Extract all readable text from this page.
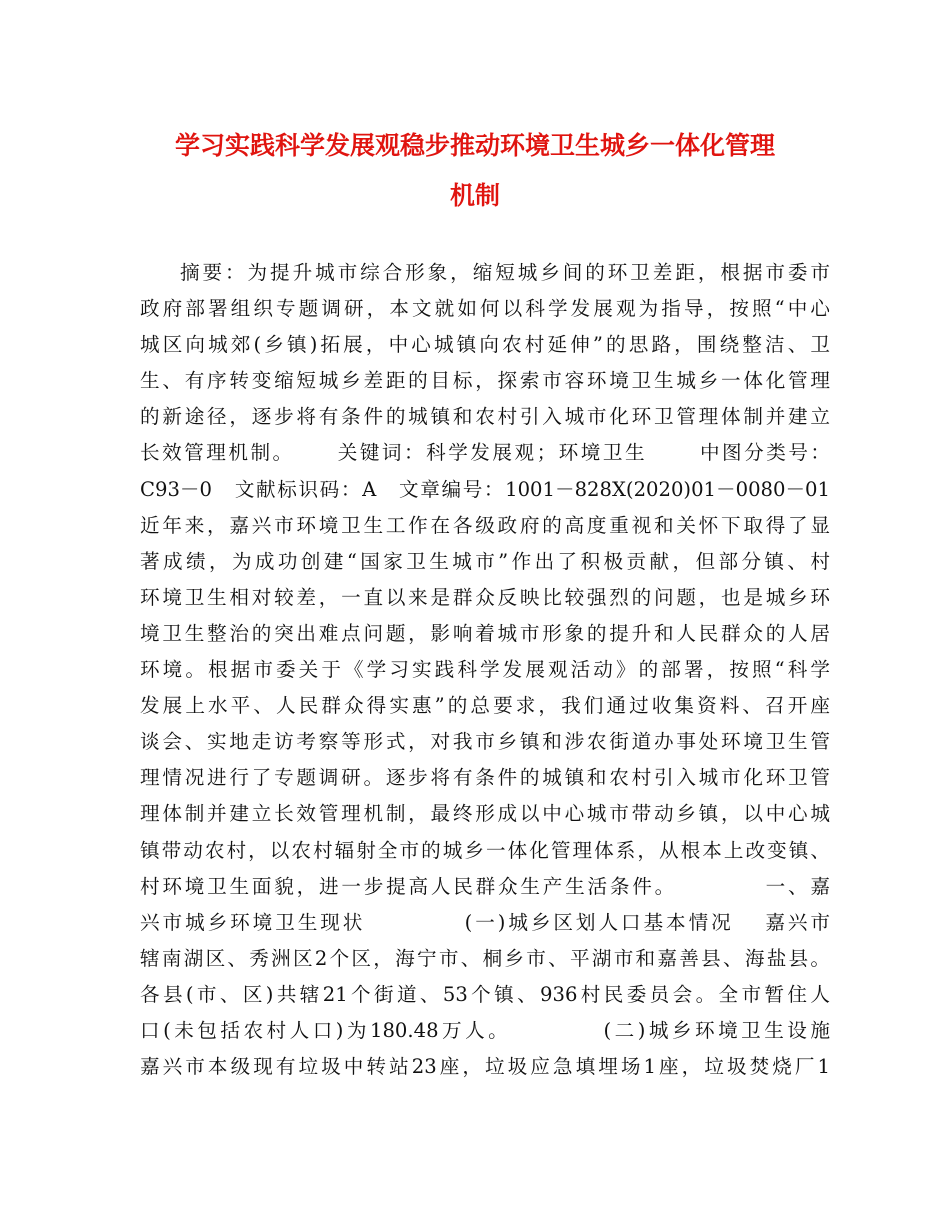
学习实践科学发展观稳步推动环境卫生城乡一体化管理
机制
摘要：为提升城市综合形象，缩短城乡间的环卫差距，根据市委市
政府部署组织专题调研，本文就如何以科学发展观为指导，按照“中心
城区向城郊(乡镇)拓展，中心城镇向农村延伸”的思路，围绕整洁、卫
生、有序转变缩短城乡差距的目标，探索市容环境卫生城乡一体化管理
的新途径，逐步将有条件的城镇和农村引入城市化环卫管理体制并建立
长效管理机制。　　 关键词：科学发展观；环境卫生　　 中图分类号：
C93－0　文献标识码：A　文章编号：1001－828X(2020)01－0080－01
近年来，嘉兴市环境卫生工作在各级政府的高度重视和关怀下取得了显
著成绩，为成功创建“国家卫生城市”作出了积极贡献，但部分镇、村
环境卫生相对较差，一直以来是群众反映比较强烈的问题，也是城乡环
境卫生整治的突出难点问题，影响着城市形象的提升和人民群众的人居
环境。根据市委关于《学习实践科学发展观活动》的部署，按照“科学
发展上水平、人民群众得实惠”的总要求，我们通过收集资料、召开座
谈会、实地走访考察等形式，对我市乡镇和涉农街道办事处环境卫生管
理情况进行了专题调研。逐步将有条件的城镇和农村引入城市化环卫管
理体制并建立长效管理机制，最终形成以中心城市带动乡镇，以中心城
镇带动农村，以农村辐射全市的城乡一体化管理体系，从根本上改变镇、
村环境卫生面貌，进一步提高人民群众生产生活条件。　　　　 一、嘉
兴市城乡环境卫生现状　　　　 (一)城乡区划人口基本情况　 嘉兴市
辖南湖区、秀洲区2个区，海宁市、桐乡市、平湖市和嘉善县、海盐县。
各县(市、区)共辖21个街道、53个镇、936村民委员会。全市暂住人
口(未包括农村人口)为180.48万人。　　　　 (二)城乡环境卫生设施
嘉兴市本级现有垃圾中转站23座，垃圾应急填埋场1座，垃圾焚烧厂1
